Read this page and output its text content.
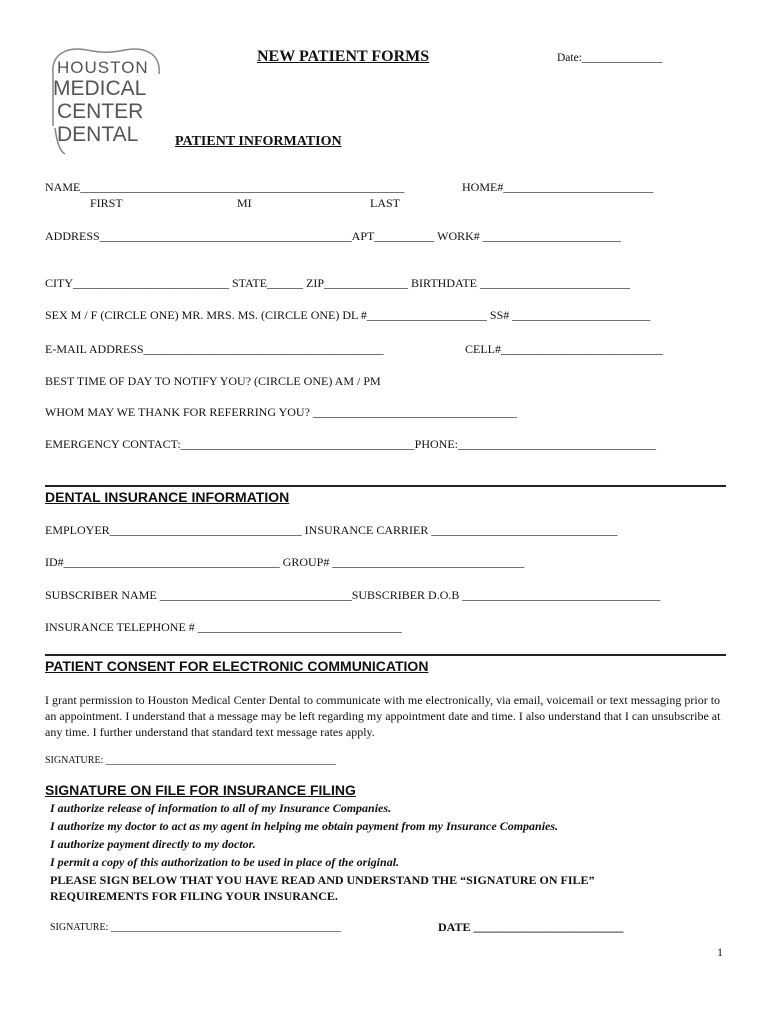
HOUSTON
MEDICAL
CENTER
DENTAL
NEW PATIENT FORMS	Date:______________
PATIENT INFORMATION
NAME______________________________________________________	HOME#_________________________
FIRST	MI	LAST
ADDRESS__________________________________________APT__________ WORK# _______________________
CITY__________________________ STATE______ ZIP______________ BIRTHDATE _________________________
SEX M / F (CIRCLE ONE) MR. MRS. MS. (CIRCLE ONE) DL #____________________ SS# _______________________
E-MAIL ADDRESS________________________________________	CELL#___________________________
BEST TIME OF DAY TO NOTIFY YOU? (CIRCLE ONE) AM / PM
WHOM MAY WE THANK FOR REFERRING YOU? __________________________________
EMERGENCY CONTACT:_______________________________________PHONE:_________________________________
DENTAL INSURANCE INFORMATION
EMPLOYER________________________________ INSURANCE CARRIER _______________________________
ID#____________________________________ GROUP# ________________________________
SUBSCRIBER NAME ________________________________SUBSCRIBER D.O.B _________________________________
INSURANCE TELEPHONE # __________________________________
PATIENT CONSENT FOR ELECTRONIC COMMUNICATION
I grant permission to Houston Medical Center Dental to communicate with me electronically, via email, voicemail or text messaging prior to an appointment. I understand that a message may be left regarding my appointment date and time. I also understand that I can unsubscribe at any time. I further understand that standard text message rates apply.
SIGNATURE: ______________________________________________
SIGNATURE ON FILE FOR INSURANCE FILING
I authorize release of information to all of my Insurance Companies.
I authorize my doctor to act as my agent in helping me obtain payment from my Insurance Companies.
I authorize payment directly to my doctor.
I permit a copy of this authorization to be used in place of the original.
PLEASE SIGN BELOW THAT YOU HAVE READ AND UNDERSTAND THE “SIGNATURE ON FILE”
REQUIREMENTS FOR FILING YOUR INSURANCE.
SIGNATURE: ______________________________________________	DATE _________________________
1
